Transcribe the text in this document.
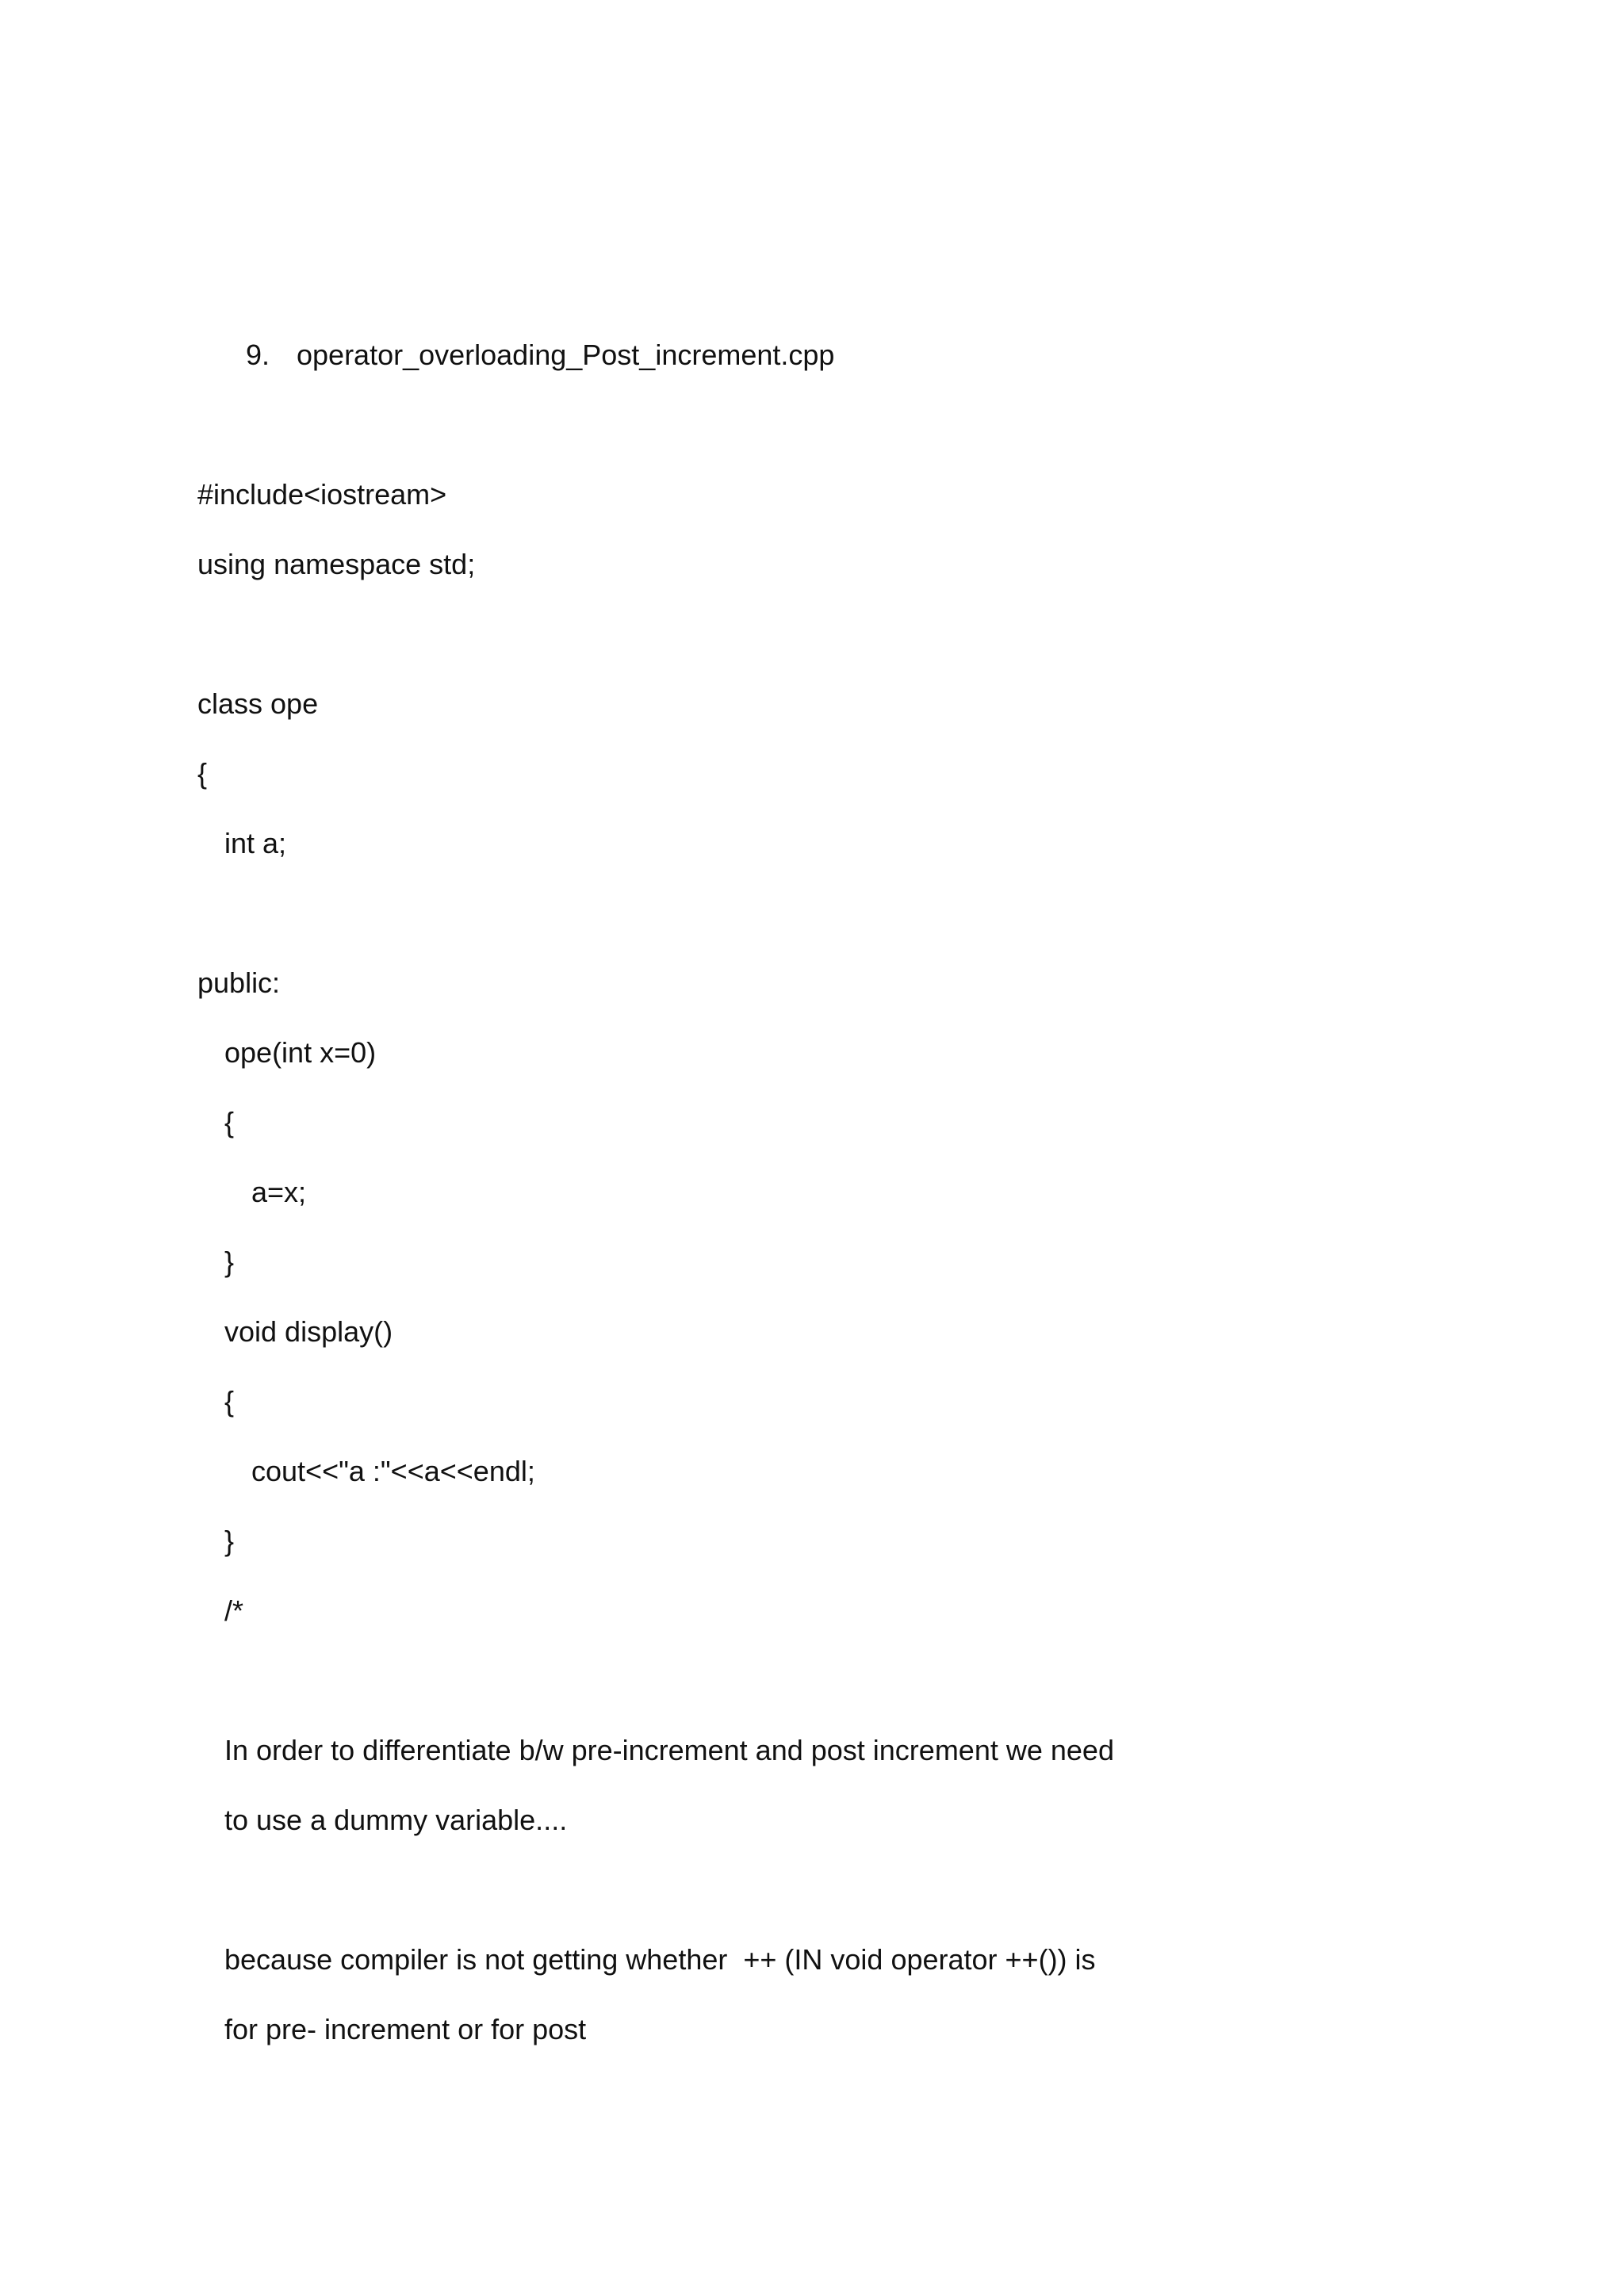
9. operator_overloading_Post_increment.cpp
#include<iostream>
using namespace std;
class ope
{
int a;
public:
ope(int x=0)
{
a=x;
}
void display()
{
cout<<"a :"<<a<<endl;
}
/*
In order to differentiate b/w pre-increment and post increment we need
to use a dummy variable....
because compiler is not getting whether  ++ (IN void operator ++()) is
for pre- increment or for post
